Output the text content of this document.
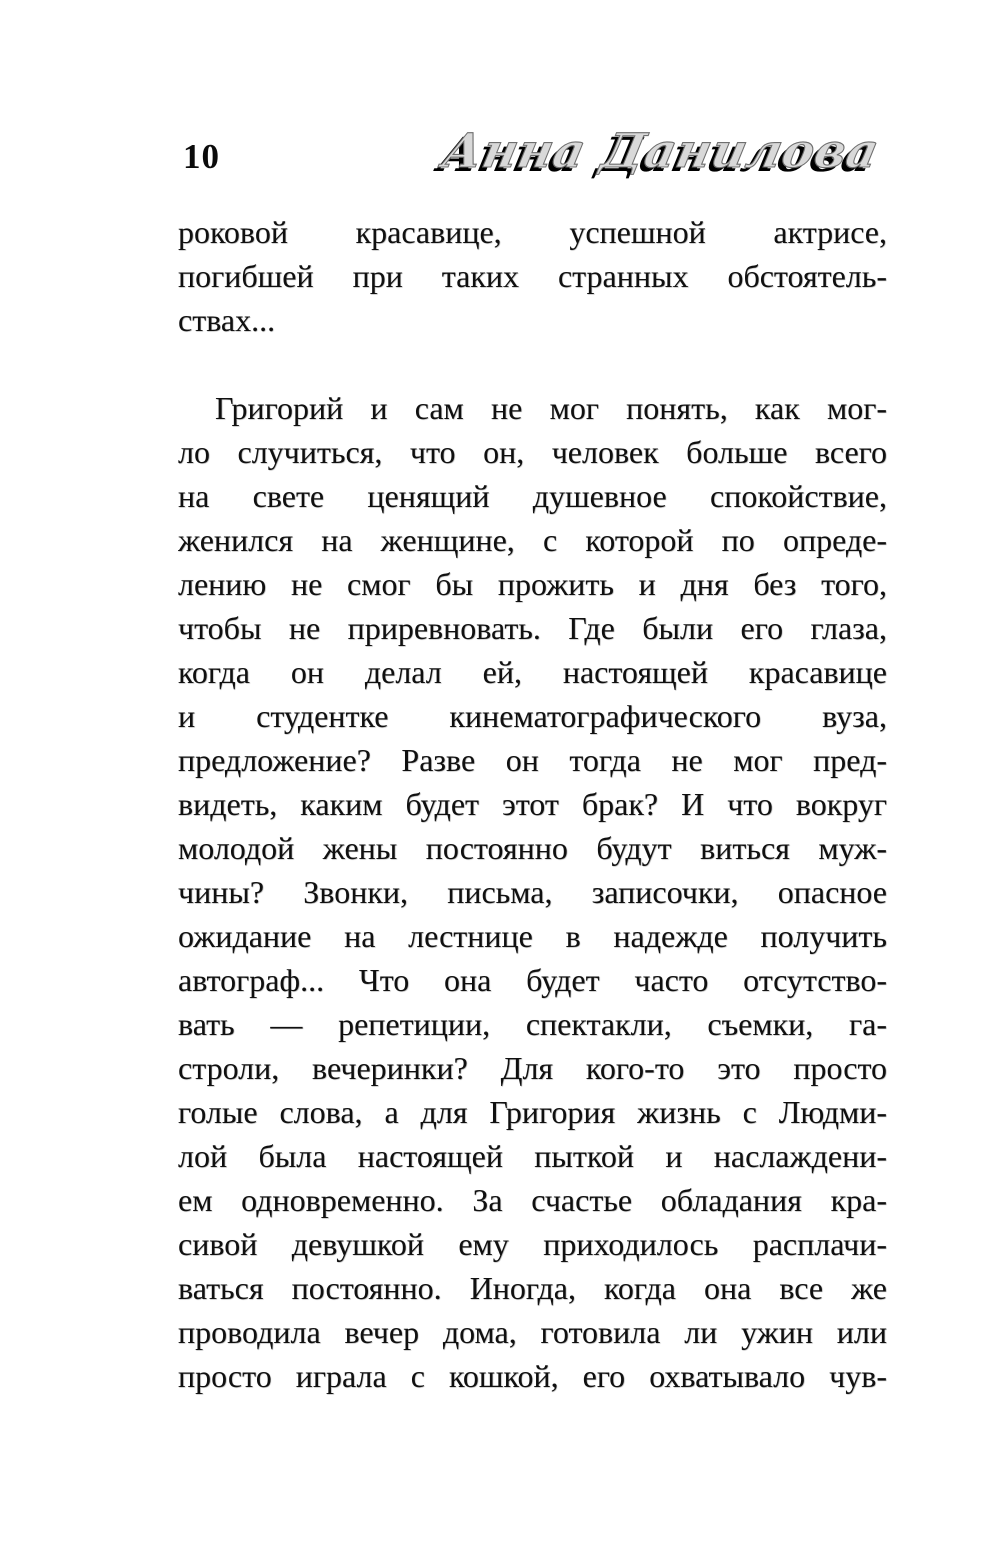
10	Анна Данилова
роковой красавице, успешной актрисе,
погибшей при таких странных обстоятель-
ствах...
Григорий и сам не мог понять, как мог-
ло случиться, что он, человек больше всего
на свете ценящий душевное спокойствие,
женился на женщине, с которой по опреде-
лению не смог бы прожить и дня без того,
чтобы не приревновать. Где были его глаза,
когда он делал ей, настоящей красавице
и студентке кинематографического вуза,
предложение? Разве он тогда не мог пред-
видеть, каким будет этот брак? И что вокруг
молодой жены постоянно будут виться муж-
чины? Звонки, письма, записочки, опасное
ожидание на лестнице в надежде получить
автограф... Что она будет часто отсутство-
вать — репетиции, спектакли, съемки, га-
строли, вечеринки? Для кого-то это просто
голые слова, а для Григория жизнь с Людми-
лой была настоящей пыткой и наслаждени-
ем одновременно. За счастье обладания кра-
сивой девушкой ему приходилось расплачи-
ваться постоянно. Иногда, когда она все же
проводила вечер дома, готовила ли ужин или
просто играла с кошкой, его охватывало чув-
